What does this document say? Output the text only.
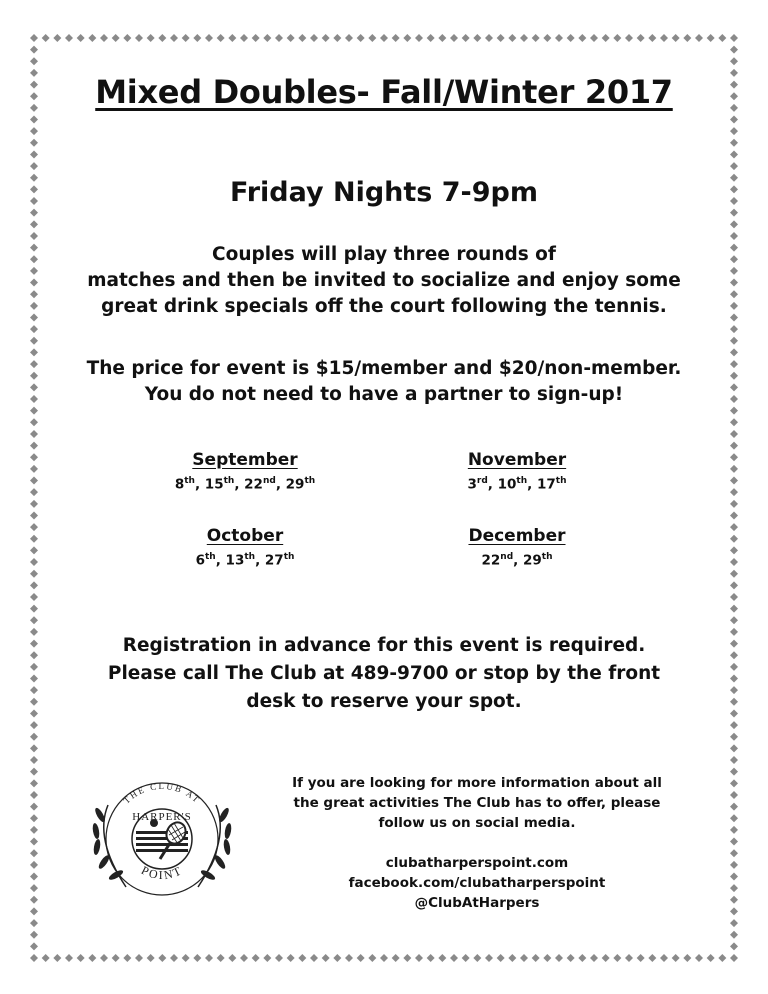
Mixed Doubles- Fall/Winter 2017
Friday Nights 7-9pm
Couples will play three rounds of
matches and then be invited to socialize and enjoy some
great drink specials off the court following the tennis.
The price for event is $15/member and $20/non-member.
You do not need to have a partner to sign-up!
September
8th, 15th, 22nd, 29th
November
3rd, 10th, 17th
October
6th, 13th, 27th
December
22nd, 29th
Registration in advance for this event is required.
Please call The Club at 489-9700 or stop by the front
desk to reserve your spot.
THE CLUB AT
HARPER'S
POINT
If you are looking for more information about all
the great activities The Club has to offer, please
follow us on social media.
clubatharperspoint.com
facebook.com/clubatharperspoint
@ClubAtHarpers
